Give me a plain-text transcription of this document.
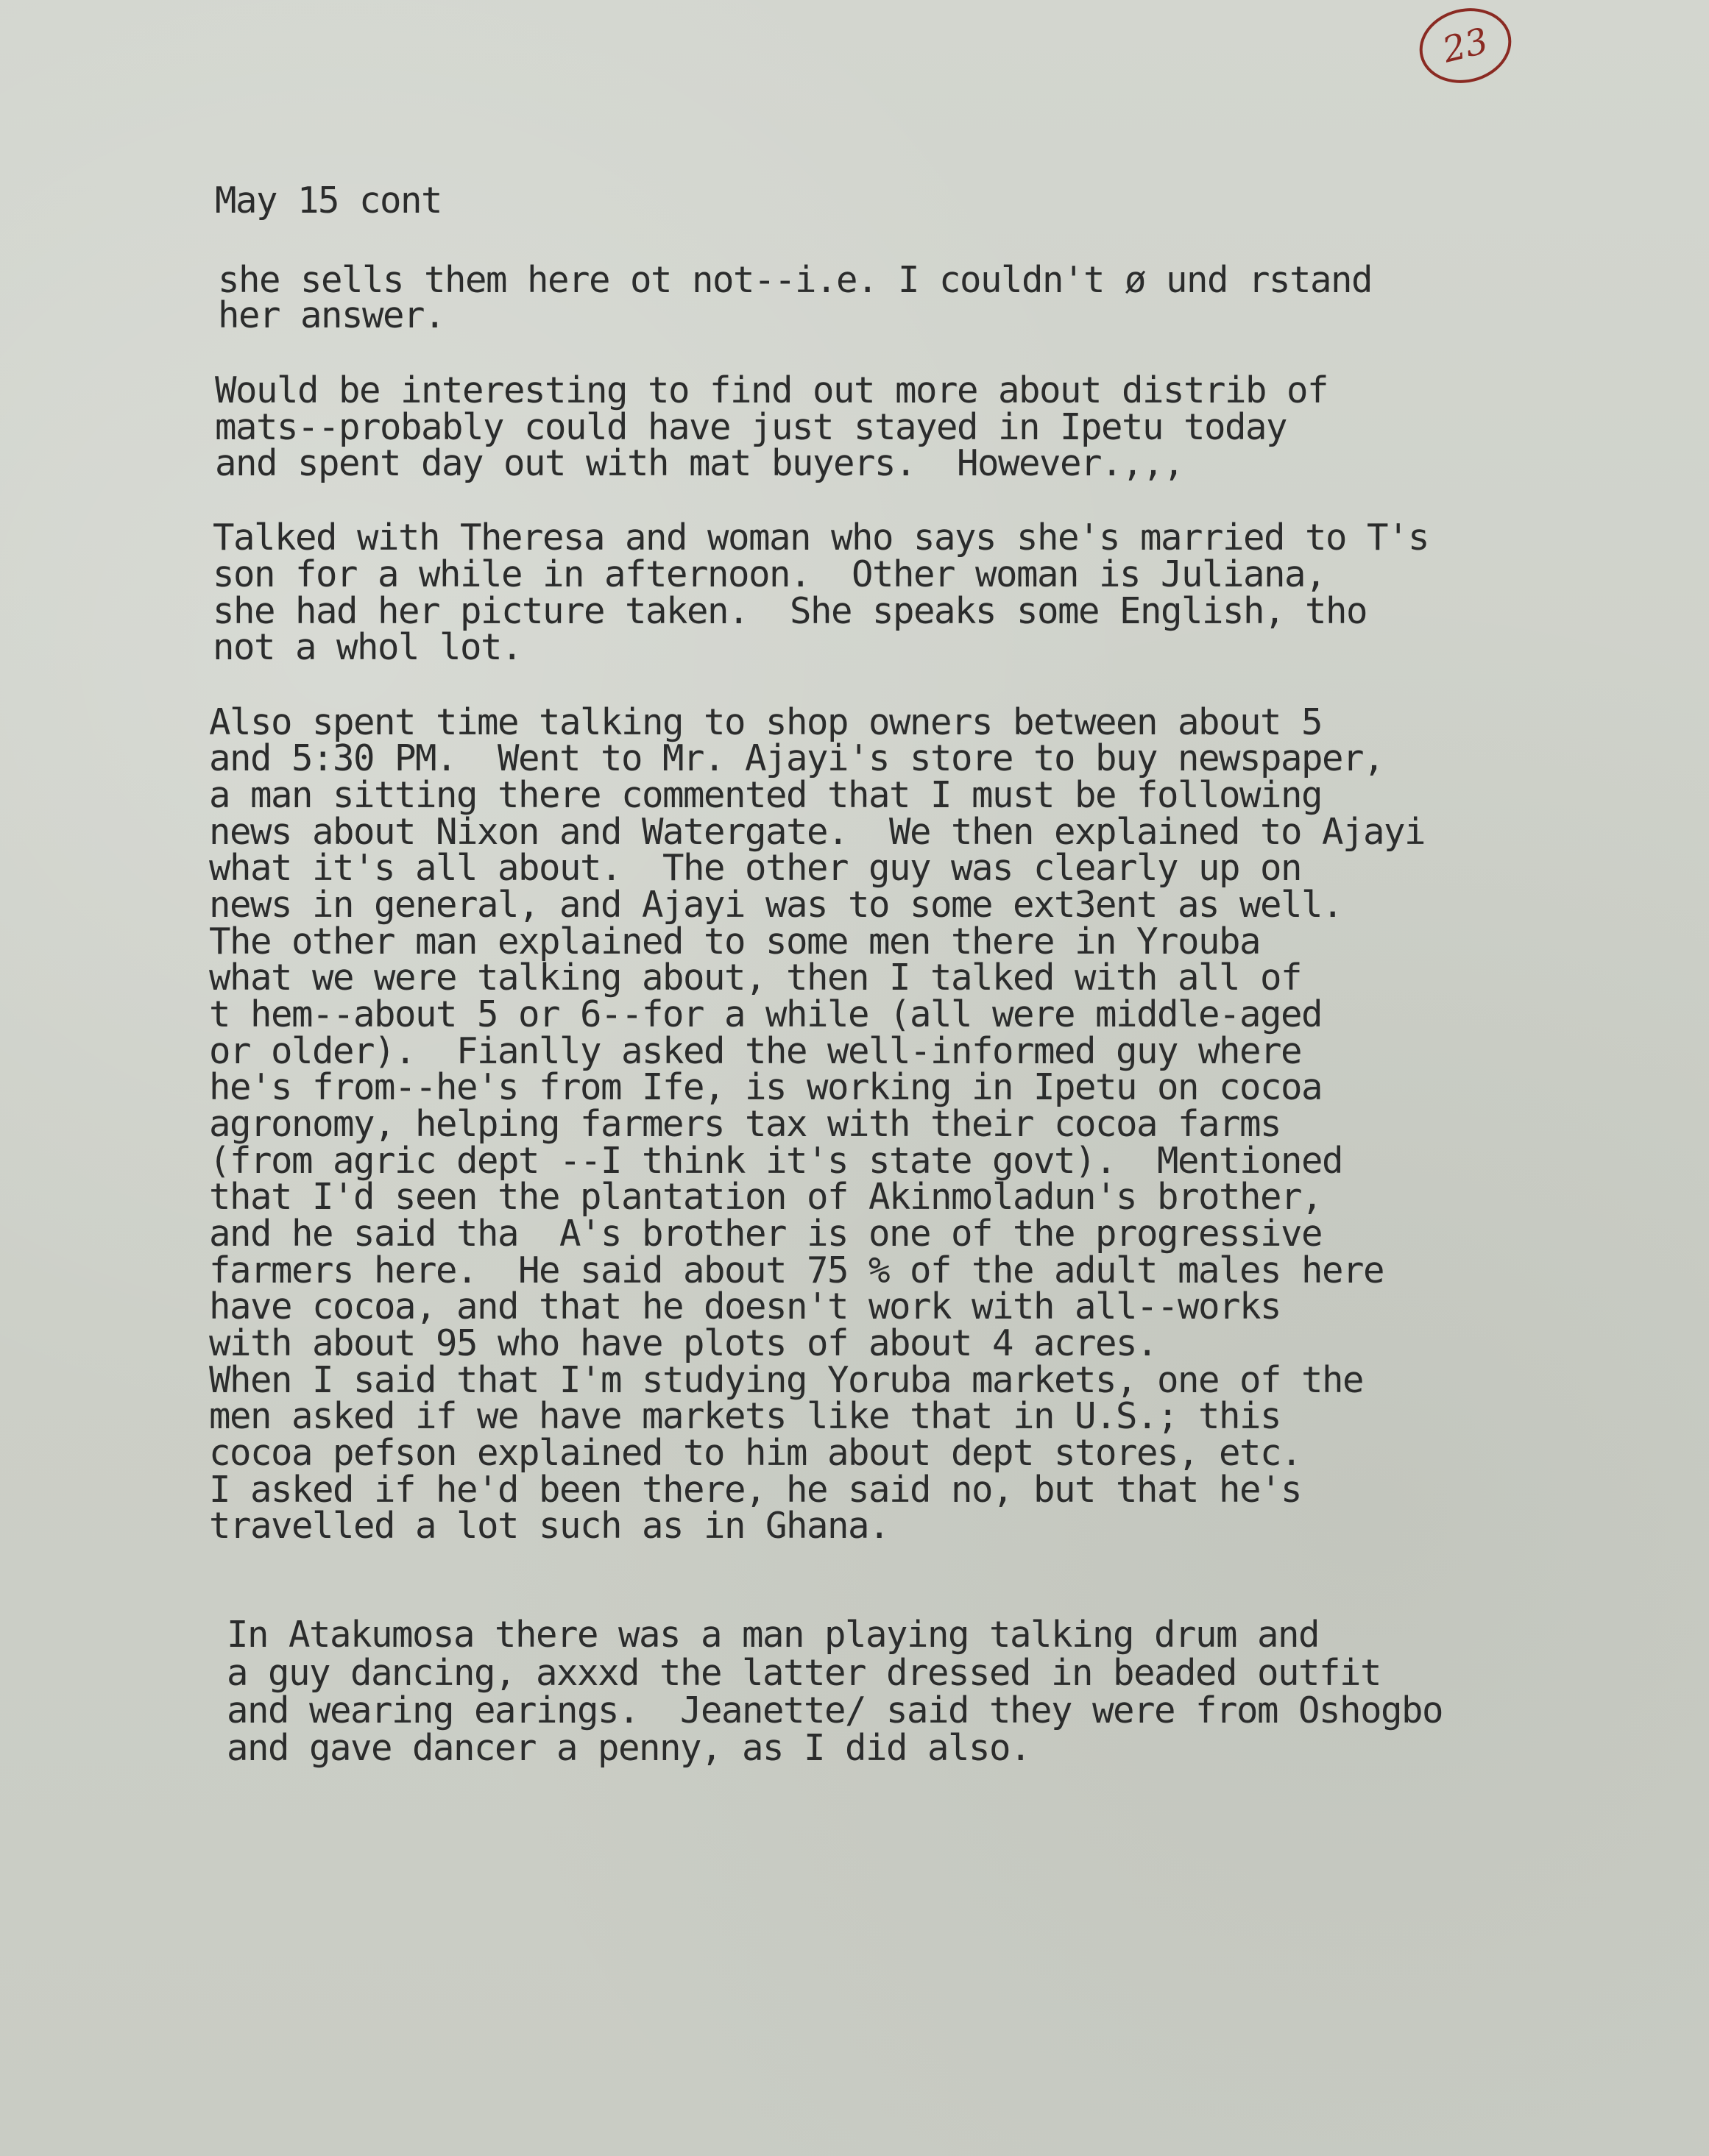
23
May 15 cont
she sells them here ot not--i.e. I couldn't ø und rstand
her answer.
Would be interesting to find out more about distrib of
mats--probably could have just stayed in Ipetu today
and spent day out with mat buyers.  However.,,,
Talked with Theresa and woman who says she's married to T's
son for a while in afternoon.  Other woman is Juliana,
she had her picture taken.  She speaks some English, tho
not a whol lot.
Also spent time talking to shop owners between about 5
and 5:30 PM.  Went to Mr. Ajayi's store to buy newspaper,
a man sitting there commented that I must be following
news about Nixon and Watergate.  We then explained to Ajayi
what it's all about.  The other guy was clearly up on
news in general, and Ajayi was to some ext3ent as well.
The other man explained to some men there in Yrouba
what we were talking about, then I talked with all of
t hem--about 5 or 6--for a while (all were middle-aged
or older).  Fianlly asked the well-informed guy where
he's from--he's from Ife, is working in Ipetu on cocoa
agronomy, helping farmers tax with their cocoa farms
(from agric dept --I think it's state govt).  Mentioned
that I'd seen the plantation of Akinmoladun's brother,
and he said tha  A's brother is one of the progressive
farmers here.  He said about 75 % of the adult males here
have cocoa, and that he doesn't work with all--works
with about 95 who have plots of about 4 acres.
When I said that I'm studying Yoruba markets, one of the
men asked if we have markets like that in U.S.; this
cocoa pefson explained to him about dept stores, etc.
I asked if he'd been there, he said no, but that he's
travelled a lot such as in Ghana.
In Atakumosa there was a man playing talking drum and
a guy dancing, axxxd the latter dressed in beaded outfit
and wearing earings.  Jeanette/ said they were from Oshogbo
and gave dancer a penny, as I did also.
